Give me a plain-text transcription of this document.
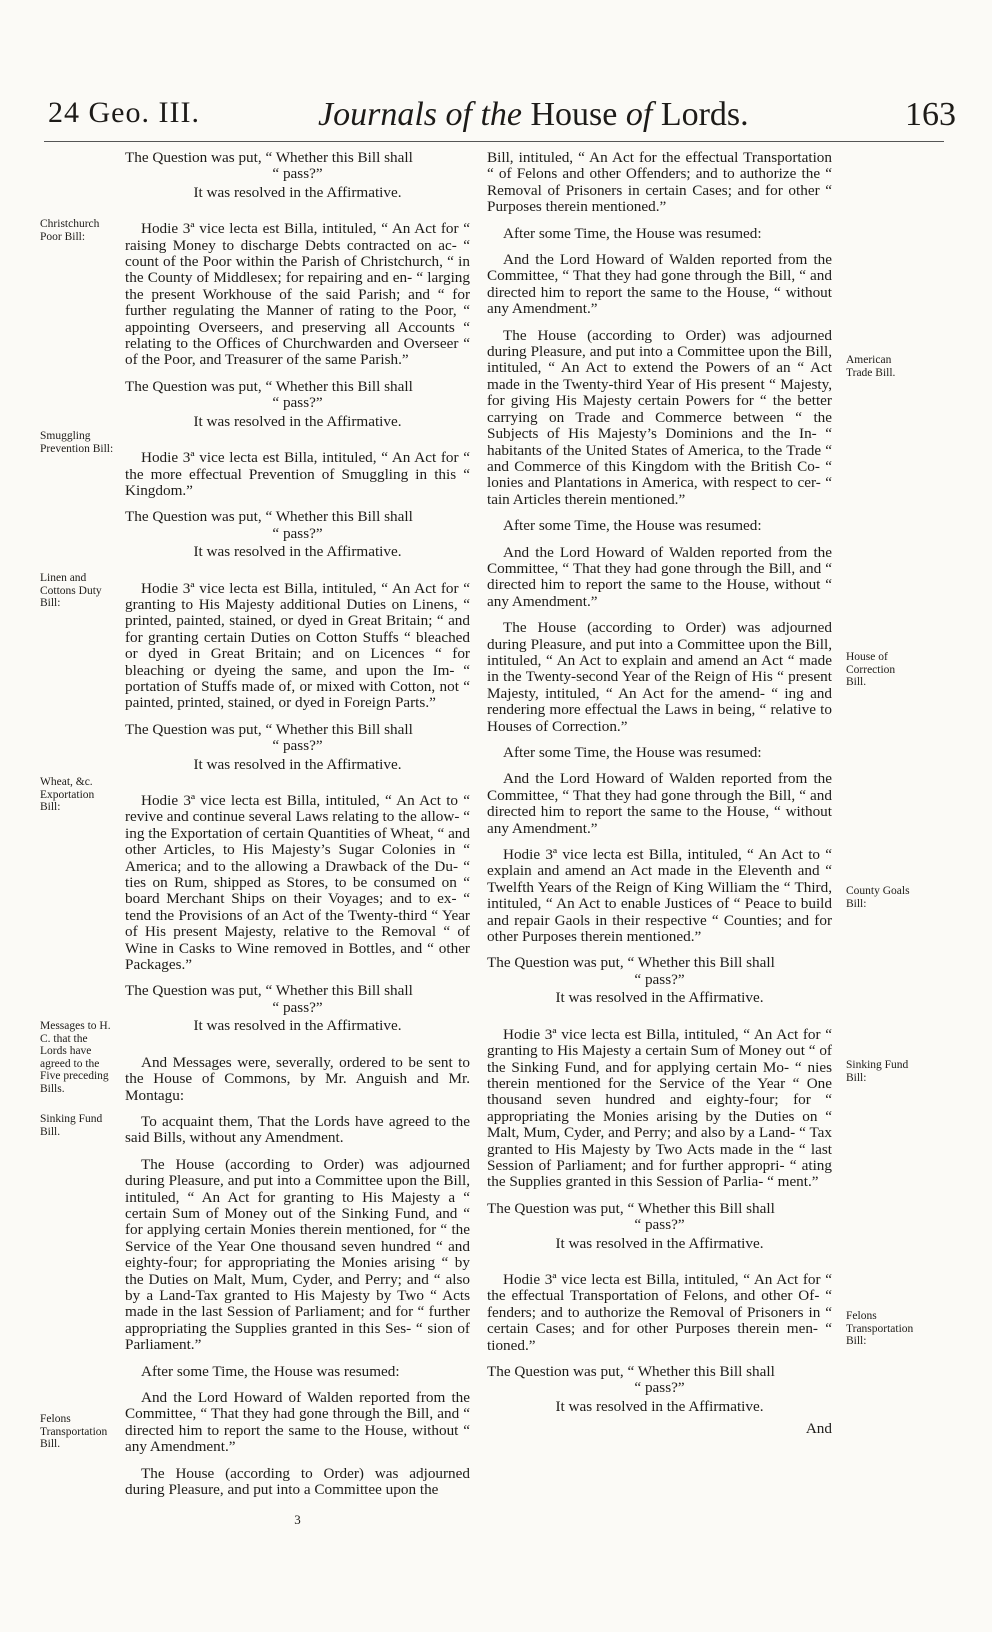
24 Geo. III.	Journals of the House of Lords.	163
Christchurch Poor Bill:
Smuggling Prevention Bill:
Linen and Cottons Duty Bill:
Wheat, &c. Exportation Bill:
Messages to H. C. that the Lords have agreed to the Five preceding Bills.
Sinking Fund Bill.
Felons Transportation Bill.
American Trade Bill.
House of Correction Bill.
County Goals Bill:
Sinking Fund Bill:
Felons Transportation Bill:

The Question was put, “ Whether this Bill shall

“ pass?”

It was resolved in the Affirmative.

Hodie 3ª vice lecta est Billa, intituled, “ An Act for “ raising Money to discharge Debts contracted on ac- “ count of the Poor within the Parish of Christchurch, “ in the County of Middlesex; for repairing and en- “ larging the present Workhouse of the said Parish; and “ for further regulating the Manner of rating to the Poor, “ appointing Overseers, and preserving all Accounts “ relating to the Offices of Churchwarden and Overseer “ of the Poor, and Treasurer of the same Parish.”

The Question was put, “ Whether this Bill shall

“ pass?”

It was resolved in the Affirmative.

Hodie 3ª vice lecta est Billa, intituled, “ An Act for “ the more effectual Prevention of Smuggling in this “ Kingdom.”

The Question was put, “ Whether this Bill shall

“ pass?”

It was resolved in the Affirmative.

Hodie 3ª vice lecta est Billa, intituled, “ An Act for “ granting to His Majesty additional Duties on Linens, “ printed, painted, stained, or dyed in Great Britain; “ and for granting certain Duties on Cotton Stuffs “ bleached or dyed in Great Britain; and on Licences “ for bleaching or dyeing the same, and upon the Im- “ portation of Stuffs made of, or mixed with Cotton, not “ painted, printed, stained, or dyed in Foreign Parts.”

The Question was put, “ Whether this Bill shall

“ pass?”

It was resolved in the Affirmative.

Hodie 3ª vice lecta est Billa, intituled, “ An Act to “ revive and continue several Laws relating to the allow- “ ing the Exportation of certain Quantities of Wheat, “ and other Articles, to His Majesty’s Sugar Colonies in “ America; and to the allowing a Drawback of the Du- “ ties on Rum, shipped as Stores, to be consumed on “ board Merchant Ships on their Voyages; and to ex- “ tend the Provisions of an Act of the Twenty-third “ Year of His present Majesty, relative to the Removal “ of Wine in Casks to Wine removed in Bottles, and “ other Packages.”

The Question was put, “ Whether this Bill shall

“ pass?”

It was resolved in the Affirmative.

And Messages were, severally, ordered to be sent to the House of Commons, by Mr. Anguish and Mr. Montagu:

To acquaint them, That the Lords have agreed to the said Bills, without any Amendment.

The House (according to Order) was adjourned during Pleasure, and put into a Committee upon the Bill, intituled, “ An Act for granting to His Majesty a “ certain Sum of Money out of the Sinking Fund, and “ for applying certain Monies therein mentioned, for “ the Service of the Year One thousand seven hundred “ and eighty-four; for appropriating the Monies arising “ by the Duties on Malt, Mum, Cyder, and Perry; and “ also by a Land-Tax granted to His Majesty by Two “ Acts made in the last Session of Parliament; and for “ further appropriating the Supplies granted in this Ses- “ sion of Parliament.”

After some Time, the House was resumed:

And the Lord Howard of Walden reported from the Committee, “ That they had gone through the Bill, and “ directed him to report the same to the House, without “ any Amendment.”

The House (according to Order) was adjourned during Pleasure, and put into a Committee upon the

3

Bill, intituled, “ An Act for the effectual Transportation “ of Felons and other Offenders; and to authorize the “ Removal of Prisoners in certain Cases; and for other “ Purposes therein mentioned.”

After some Time, the House was resumed:

And the Lord Howard of Walden reported from the Committee, “ That they had gone through the Bill, “ and directed him to report the same to the House, “ without any Amendment.”

The House (according to Order) was adjourned during Pleasure, and put into a Committee upon the Bill, intituled, “ An Act to extend the Powers of an “ Act made in the Twenty-third Year of His present “ Majesty, for giving His Majesty certain Powers for “ the better carrying on Trade and Commerce between “ the Subjects of His Majesty’s Dominions and the In- “ habitants of the United States of America, to the Trade “ and Commerce of this Kingdom with the British Co- “ lonies and Plantations in America, with respect to cer- “ tain Articles therein mentioned.”

After some Time, the House was resumed:

And the Lord Howard of Walden reported from the Committee, “ That they had gone through the Bill, and “ directed him to report the same to the House, without “ any Amendment.”

The House (according to Order) was adjourned during Pleasure, and put into a Committee upon the Bill, intituled, “ An Act to explain and amend an Act “ made in the Twenty-second Year of the Reign of His “ present Majesty, intituled, “ An Act for the amend- “ ing and rendering more effectual the Laws in being, “ relative to Houses of Correction.”

After some Time, the House was resumed:

And the Lord Howard of Walden reported from the Committee, “ That they had gone through the Bill, “ and directed him to report the same to the House, “ without any Amendment.”

Hodie 3ª vice lecta est Billa, intituled, “ An Act to “ explain and amend an Act made in the Eleventh and “ Twelfth Years of the Reign of King William the “ Third, intituled, “ An Act to enable Justices of “ Peace to build and repair Gaols in their respective “ Counties; and for other Purposes therein mentioned.”

The Question was put, “ Whether this Bill shall

“ pass?”

It was resolved in the Affirmative.

Hodie 3ª vice lecta est Billa, intituled, “ An Act for “ granting to His Majesty a certain Sum of Money out “ of the Sinking Fund, and for applying certain Mo- “ nies therein mentioned for the Service of the Year “ One thousand seven hundred and eighty-four; for “ appropriating the Monies arising by the Duties on “ Malt, Mum, Cyder, and Perry; and also by a Land- “ Tax granted to His Majesty by Two Acts made in the “ last Session of Parliament; and for further appropri- “ ating the Supplies granted in this Session of Parlia- “ ment.”

The Question was put, “ Whether this Bill shall

“ pass?”

It was resolved in the Affirmative.

Hodie 3ª vice lecta est Billa, intituled, “ An Act for “ the effectual Transportation of Felons, and other Of- “ fenders; and to authorize the Removal of Prisoners in “ certain Cases; and for other Purposes therein men- “ tioned.”

The Question was put, “ Whether this Bill shall

“ pass?”

It was resolved in the Affirmative.

And
